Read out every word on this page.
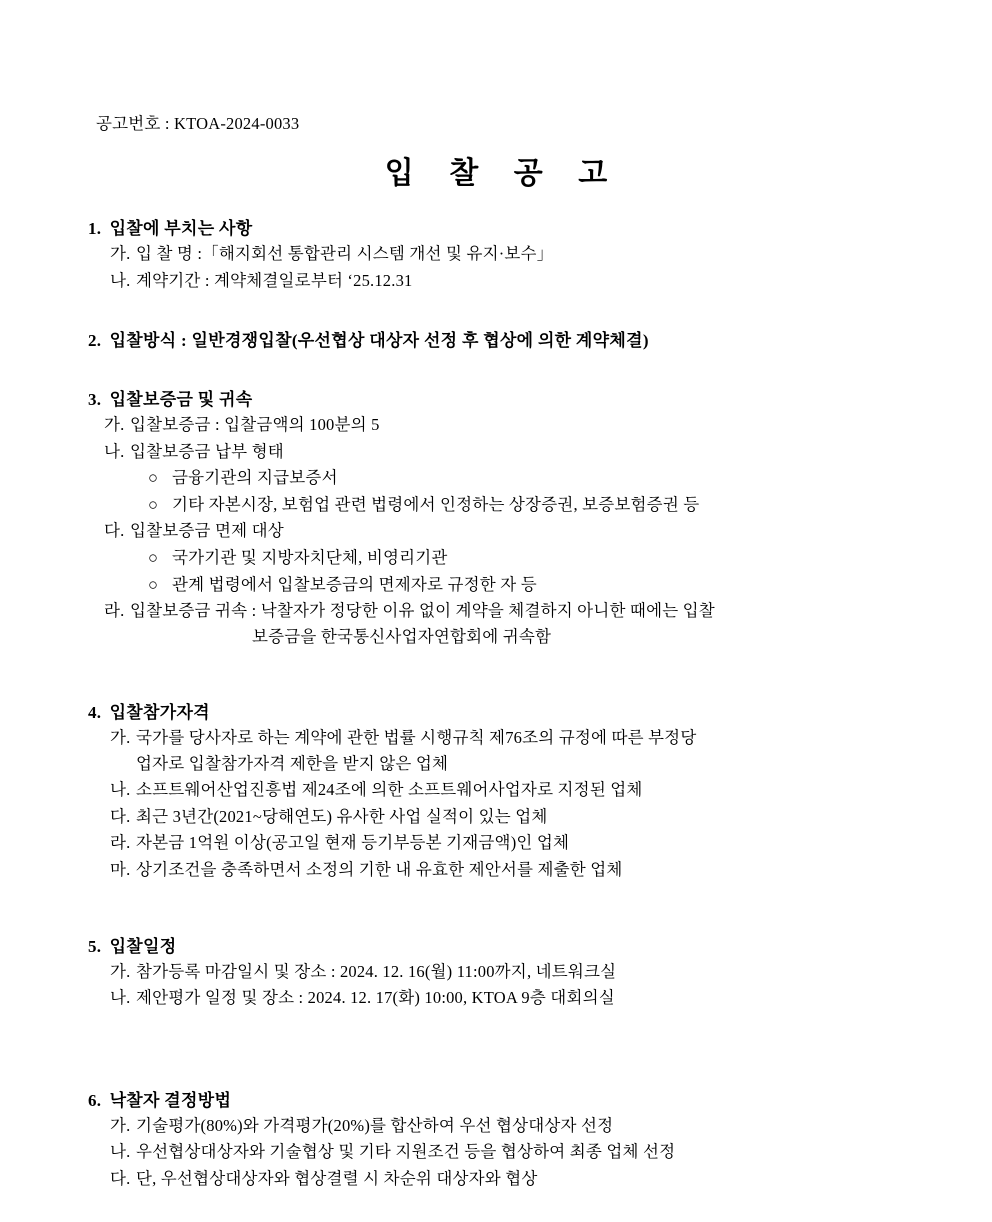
공고번호 : KTOA-2024-0033
입 찰 공 고
1. 입찰에 부치는 사항
가. 입 찰 명 :「해지회선 통합관리 시스템 개선 및 유지·보수」
나. 계약기간 : 계약체결일로부터 ‘25.12.31
2. 입찰방식 : 일반경쟁입찰(우선협상 대상자 선정 후 협상에 의한 계약체결)
3. 입찰보증금 및 귀속
가. 입찰보증금 : 입찰금액의 100분의 5
나. 입찰보증금 납부 형태
○ 금융기관의 지급보증서
○ 기타 자본시장, 보험업 관련 법령에서 인정하는 상장증권, 보증보험증권 등
다. 입찰보증금 면제 대상
○ 국가기관 및 지방자치단체, 비영리기관
○ 관계 법령에서 입찰보증금의 면제자로 규정한 자 등
라. 입찰보증금 귀속 : 낙찰자가 정당한 이유 없이 계약을 체결하지 아니한 때에는 입찰
보증금을 한국통신사업자연합회에 귀속함
4. 입찰참가자격
가. 국가를 당사자로 하는 계약에 관한 법률 시행규칙 제76조의 규정에 따른 부정당
업자로 입찰참가자격 제한을 받지 않은 업체
나. 소프트웨어산업진흥법 제24조에 의한 소프트웨어사업자로 지정된 업체
다. 최근 3년간(2021~당해연도) 유사한 사업 실적이 있는 업체
라. 자본금 1억원 이상(공고일 현재 등기부등본 기재금액)인 업체
마. 상기조건을 충족하면서 소정의 기한 내 유효한 제안서를 제출한 업체
5. 입찰일정
가. 참가등록 마감일시 및 장소 : 2024. 12. 16(월) 11:00까지, 네트워크실
나. 제안평가 일정 및 장소 : 2024. 12. 17(화) 10:00, KTOA 9층 대회의실
6. 낙찰자 결정방법
가. 기술평가(80%)와 가격평가(20%)를 합산하여 우선 협상대상자 선정
나. 우선협상대상자와 기술협상 및 기타 지원조건 등을 협상하여 최종 업체 선정
다. 단, 우선협상대상자와 협상결렬 시 차순위 대상자와 협상
